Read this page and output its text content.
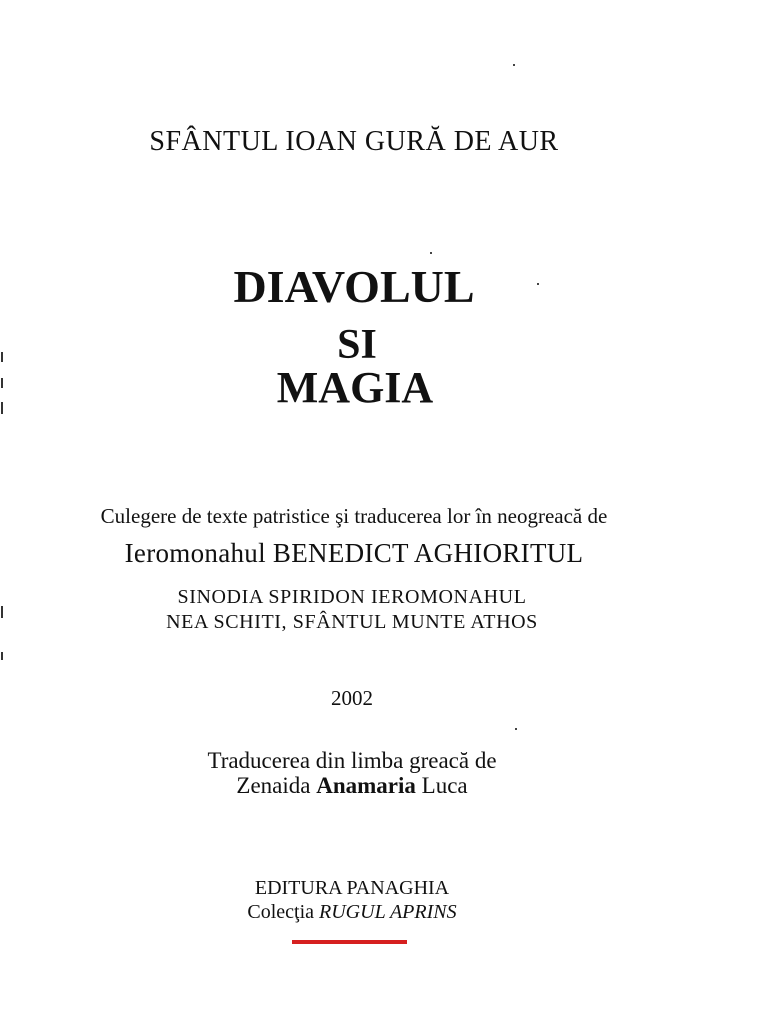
SFÂNTUL IOAN GURĂ DE AUR
DIAVOLUL
SI
MAGIA
Culegere de texte patristice şi traducerea lor în neogreacă de
Ieromonahul BENEDICT AGHIORITUL
SINODIA SPIRIDON IEROMONAHUL
NEA SCHITI, SFÂNTUL MUNTE ATHOS
2002
Traducerea din limba greacă de
Zenaida Anamaria Luca
EDITURA PANAGHIA
Colecţia RUGUL APRINS
